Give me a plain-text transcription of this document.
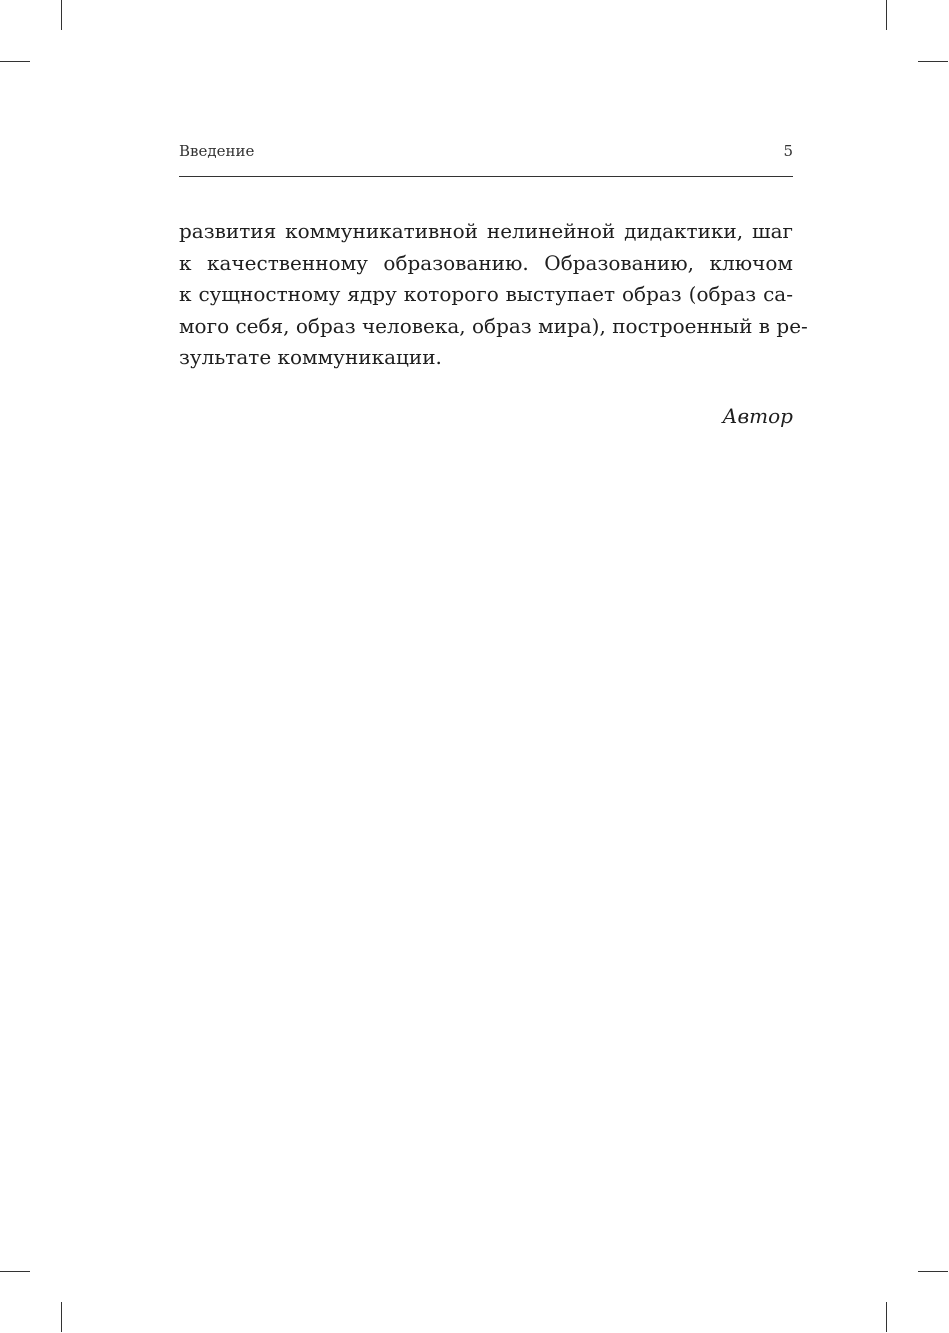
Введение	5

развития коммуникативной нелинейной дидактики, шаг
к качественному образованию. Образованию, ключом
к сущностному ядру которого выступает образ (образ са-
мого себя, образ человека, образ мира), построенный в ре-
зультате коммуникации.

Автор
